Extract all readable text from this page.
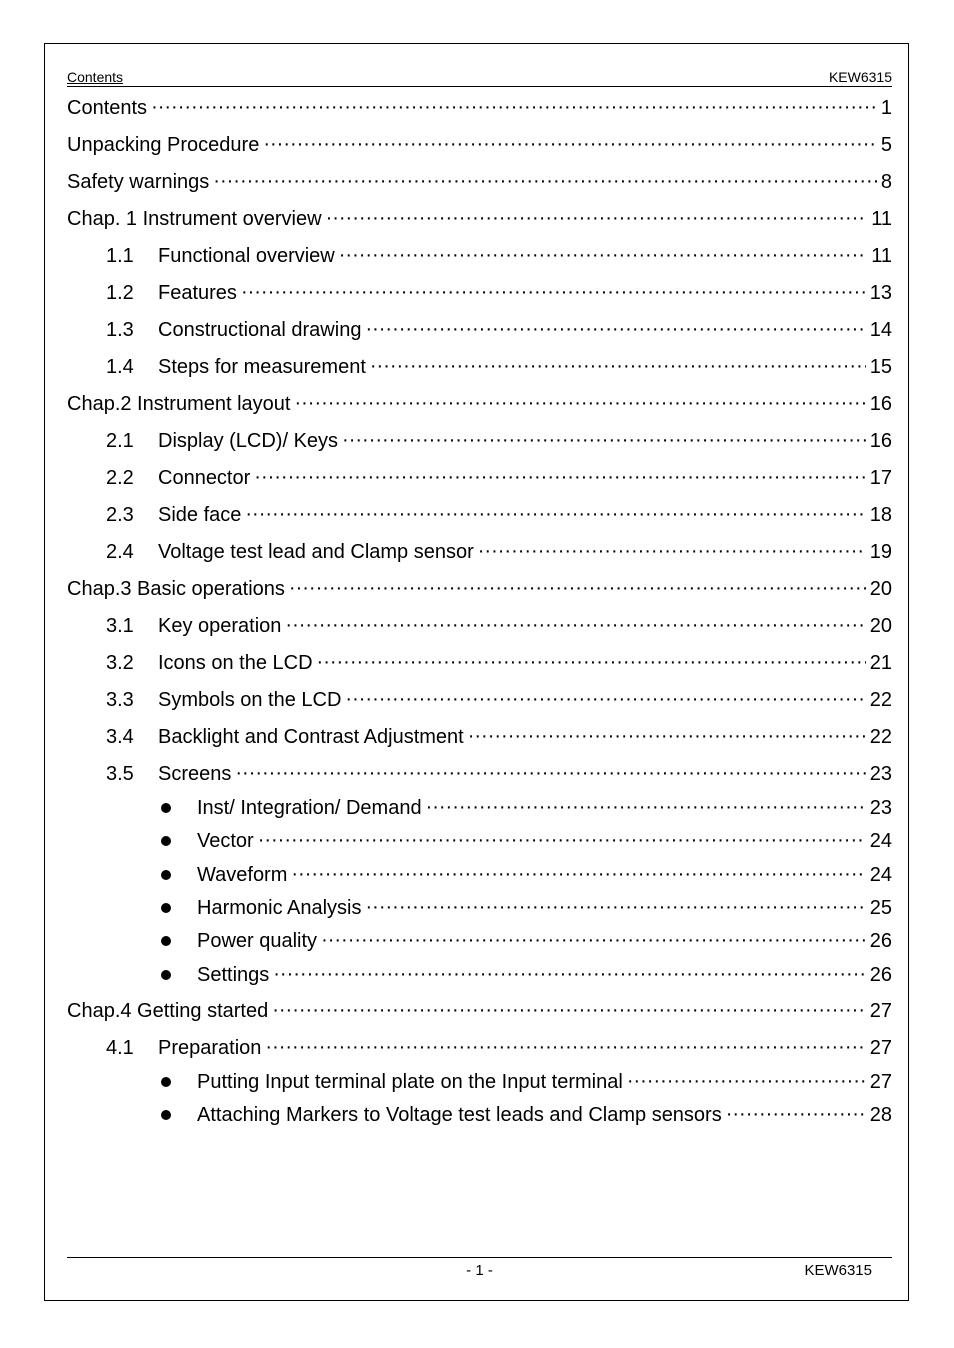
Contents	KEW6315
Contents ·····	1
Unpacking Procedure ·····	5
Safety warnings ·····	8
Chap. 1 Instrument overview ·····	11
1.1	Functional overview ·····	11
1.2	Features ·····	13
1.3	Constructional drawing ·····	14
1.4	Steps for measurement ·····	15
Chap.2 Instrument layout ·····	16
2.1	Display (LCD)/ Keys ·····	16
2.2	Connector ·····	17
2.3	Side face ·····	18
2.4	Voltage test lead and Clamp sensor ·····	19
Chap.3 Basic operations ·····	20
3.1	Key operation ·····	20
3.2	Icons on the LCD ·····	21
3.3	Symbols on the LCD ·····	22
3.4	Backlight and Contrast Adjustment ·····	22
3.5	Screens ·····	23
Inst/ Integration/ Demand ·····	23
Vector ·····	24
Waveform ·····	24
Harmonic Analysis ·····	25
Power quality ·····	26
Settings ·····	26
Chap.4 Getting started ·····	27
4.1	Preparation ·····	27
Putting Input terminal plate on the Input terminal ·····	27
Attaching Markers to Voltage test leads and Clamp sensors ·····	28
- 1 -	KEW6315
